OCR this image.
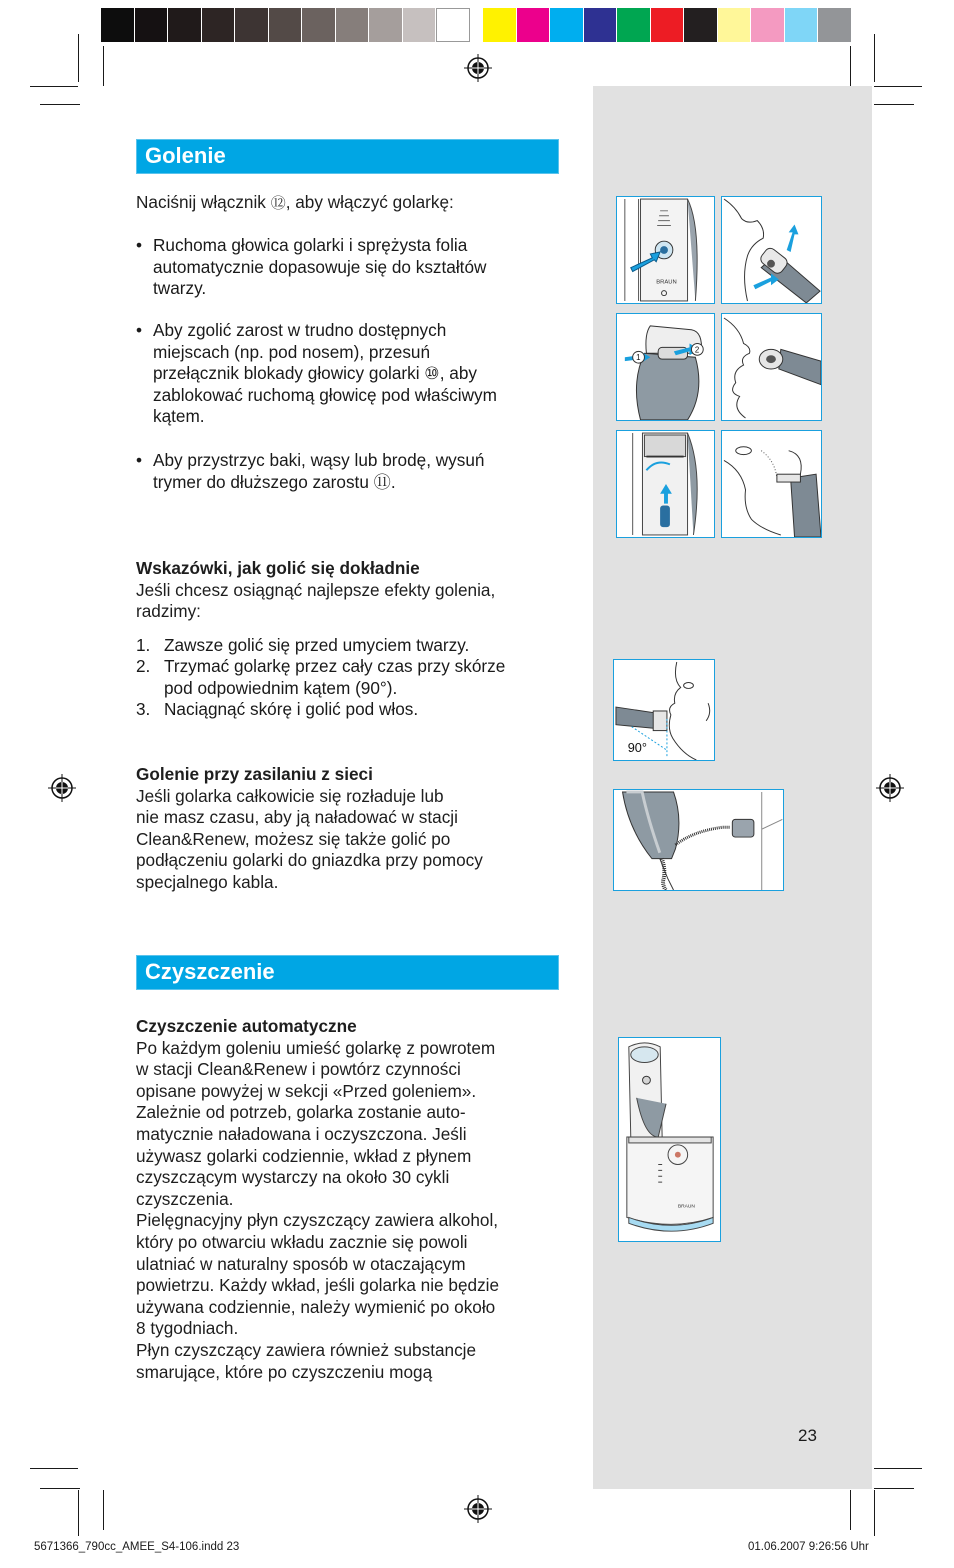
Golenie
Naciśnij włącznik ⑫, aby włączyć golarkę:
• Ruchoma głowica golarki i sprężysta folia
automatycznie dopasowuje się do kształtów
twarzy.
• Aby zgolić zarost w trudno dostępnych
miejscach (np. pod nosem), przesuń
przełącznik blokady głowicy golarki ⑩, aby
zablokować ruchomą głowicę pod właściwym
kątem.
• Aby przystrzyc baki, wąsy lub brodę, wysuń
trymer do dłuższego zarostu ⑪.
Wskazówki, jak golić się dokładnie
Jeśli chcesz osiągnąć najlepsze efekty golenia,
radzimy:
1. Zawsze golić się przed umyciem twarzy.
2. Trzymać golarkę przez cały czas przy skórze
pod odpowiednim kątem (90°).
3. Naciągnąć skórę i golić pod włos.
Golenie przy zasilaniu z sieci
Jeśli golarka całkowicie się rozładuje lub
nie masz czasu, aby ją naładować w stacji
Clean&Renew, możesz się także golić po
podłączeniu golarki do gniazdka przy pomocy
specjalnego kabla.
Czyszczenie
Czyszczenie automatyczne
Po każdym goleniu umieść golarkę z powrotem
w stacji Clean&Renew i powtórz czynności
opisane powyżej w sekcji «Przed goleniem».
Zależnie od potrzeb, golarka zostanie auto-
matycznie naładowana i oczyszczona. Jeśli
używasz golarki codziennie, wkład z płynem
czyszczącym wystarczy na około 30 cykli
czyszczenia.
Pielęgnacyjny płyn czyszczący zawiera alkohol,
który po otwarciu wkładu zacznie się powoli
ulatniać w naturalny sposób w otaczającym
powietrzu. Każdy wkład, jeśli golarka nie będzie
używana codziennie, należy wymienić po około
8 tygodniach.
Płyn czyszczący zawiera również substancje
smarujące, które po czyszczeniu mogą
BRAUN
1
2
90°
BRAUN
23
5671366_790cc_AMEE_S4-106.indd 23	01.06.2007 9:26:56 Uhr
